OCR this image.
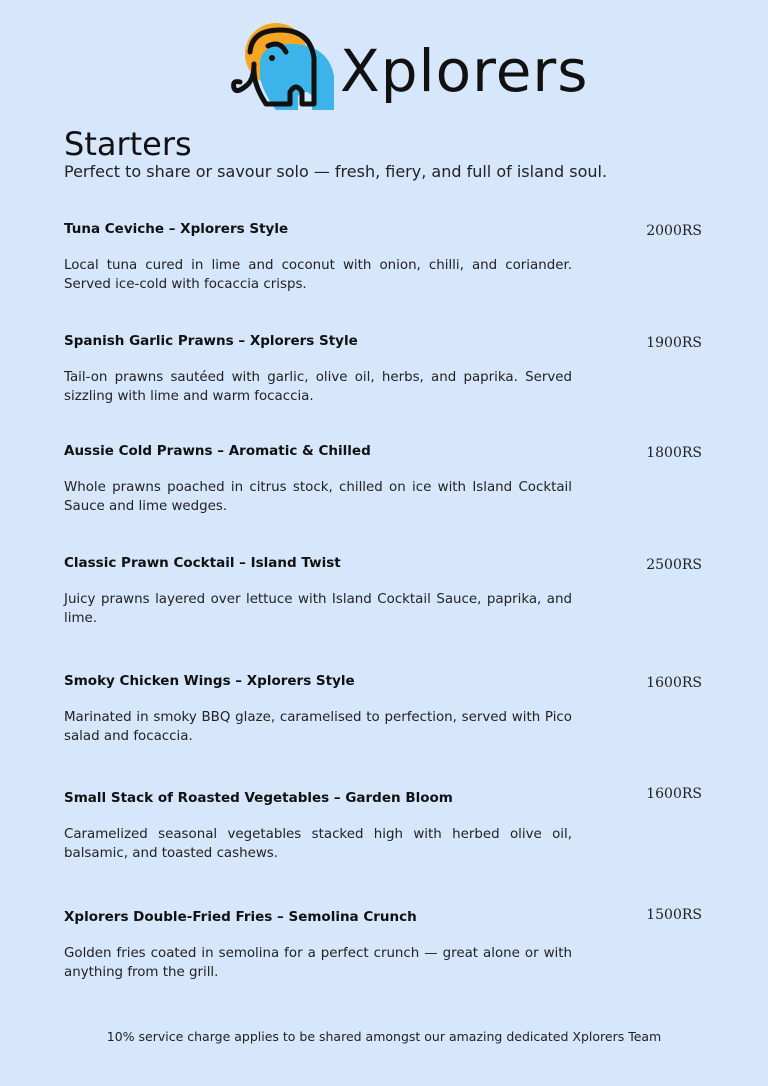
Xplorers
Starters
Perfect to share or savour solo — fresh, fiery, and full of island soul.
Tuna Ceviche – Xplorers Style	2000RS
Local tuna cured in lime and coconut with onion, chilli, and coriander. Served ice-cold with focaccia crisps.
Spanish Garlic Prawns – Xplorers Style	1900RS
Tail-on prawns sautéed with garlic, olive oil, herbs, and paprika. Served sizzling with lime and warm focaccia.
Aussie Cold Prawns – Aromatic & Chilled	1800RS
Whole prawns poached in citrus stock, chilled on ice with Island Cocktail Sauce and lime wedges.
Classic Prawn Cocktail – Island Twist	2500RS
Juicy prawns layered over lettuce with Island Cocktail Sauce, paprika, and lime.
Smoky Chicken Wings – Xplorers Style	1600RS
Marinated in smoky BBQ glaze, caramelised to perfection, served with Pico salad and focaccia.
Small Stack of Roasted Vegetables – Garden Bloom	1600RS
Caramelized seasonal vegetables stacked high with herbed olive oil, balsamic, and toasted cashews.
Xplorers Double-Fried Fries – Semolina Crunch	1500RS
Golden fries coated in semolina for a perfect crunch — great alone or with anything from the grill.
10% service charge applies to be shared amongst our amazing dedicated Xplorers Team
